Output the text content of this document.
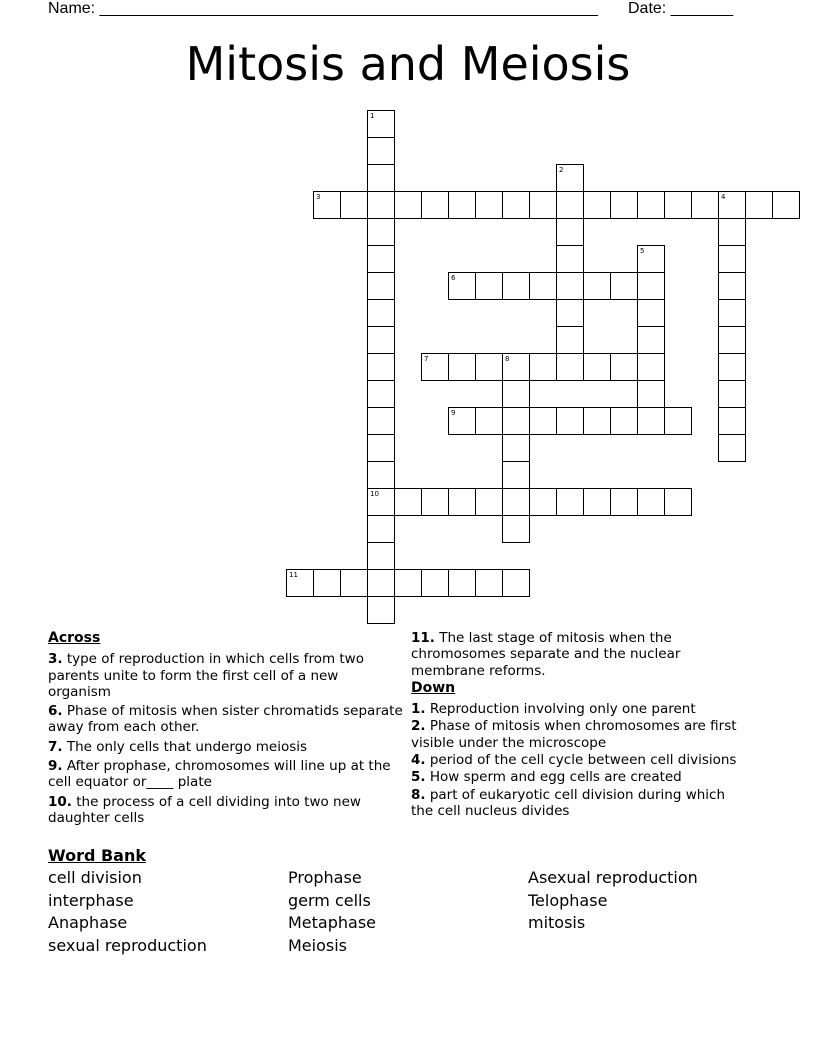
Name: ________________________________________________________ Date: _______
Mitosis and Meiosis
1
10
2
3	4
5
6
7	8
9
11
Across
3. type of reproduction in which cells from two parents unite to form the first cell of a new organism
6. Phase of mitosis when sister chromatids separate away from each other.
7. The only cells that undergo meiosis
9. After prophase, chromosomes will line up at the cell equator or____ plate
10. the process of a cell dividing into two new daughter cells
11. The last stage of mitosis when the chromosomes separate and the nuclear membrane reforms.
Down
1. Reproduction involving only one parent
2. Phase of mitosis when chromosomes are first visible under the microscope
4. period of the cell cycle between cell divisions
5. How sperm and egg cells are created
8. part of eukaryotic cell division during which the cell nucleus divides
Word Bank
cell division
interphase
Anaphase
sexual reproduction
Prophase
germ cells
Metaphase
Meiosis
Asexual reproduction
Telophase
mitosis
